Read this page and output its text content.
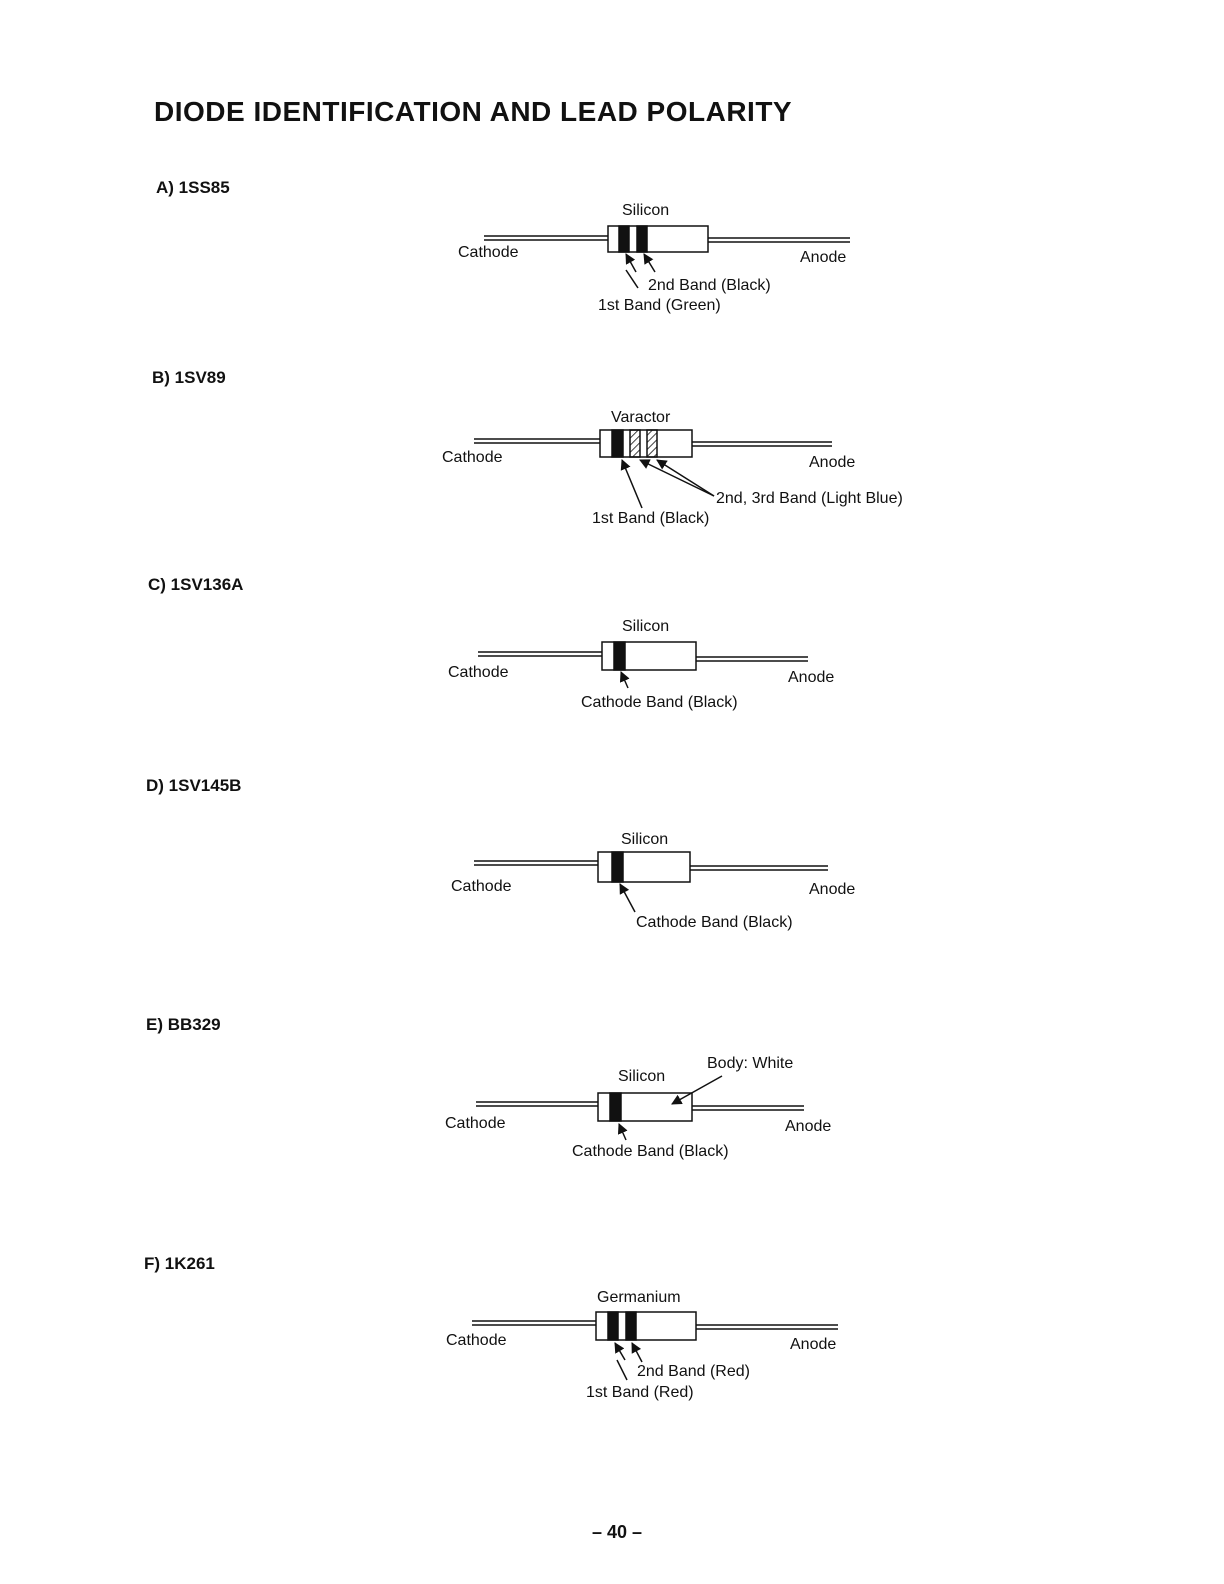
DIODE IDENTIFICATION AND LEAD POLARITY
A) 1SS85
Silicon
Cathode	Anode
2nd Band (Black)
1st Band (Green)
B) 1SV89
Varactor
Cathode	Anode
2nd, 3rd Band (Light Blue)
1st Band (Black)
C) 1SV136A
Silicon
Cathode	Anode
Cathode Band (Black)
D) 1SV145B
Silicon
Cathode	Anode
Cathode Band (Black)
E) BB329
Body: White
Silicon
Cathode	Anode
Cathode Band (Black)
F) 1K261
Germanium
Cathode	Anode
2nd Band (Red)
1st Band (Red)
– 40 –
